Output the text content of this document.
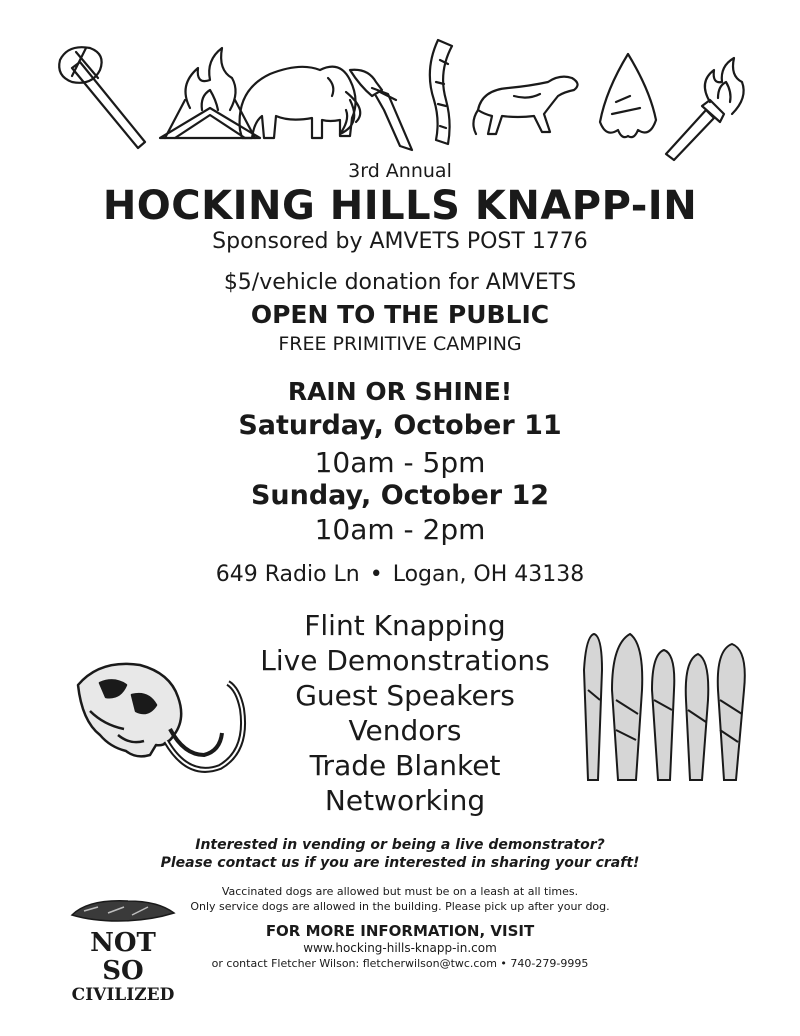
3rd Annual
HOCKING HILLS KNAPP-IN
Sponsored by AMVETS POST 1776
$5/vehicle donation for AMVETS
OPEN TO THE PUBLIC
FREE PRIMITIVE CAMPING
RAIN OR SHINE!
Saturday, October 11
10am - 5pm
Sunday, October 12
10am - 2pm
649 Radio Ln • Logan, OH 43138
Flint Knapping
Live Demonstrations
Guest Speakers
Vendors
Trade Blanket
Networking
Interested in vending or being a live demonstrator?
Please contact us if you are interested in sharing your craft!
Vaccinated dogs are allowed but must be on a leash at all times.
Only service dogs are allowed in the building. Please pick up after your dog.
FOR MORE INFORMATION, VISIT
www.hocking-hills-knapp-in.com
or contact Fletcher Wilson: fletcherwilson@twc.com • 740-279-9995
NOT SO
CIVILIZED
